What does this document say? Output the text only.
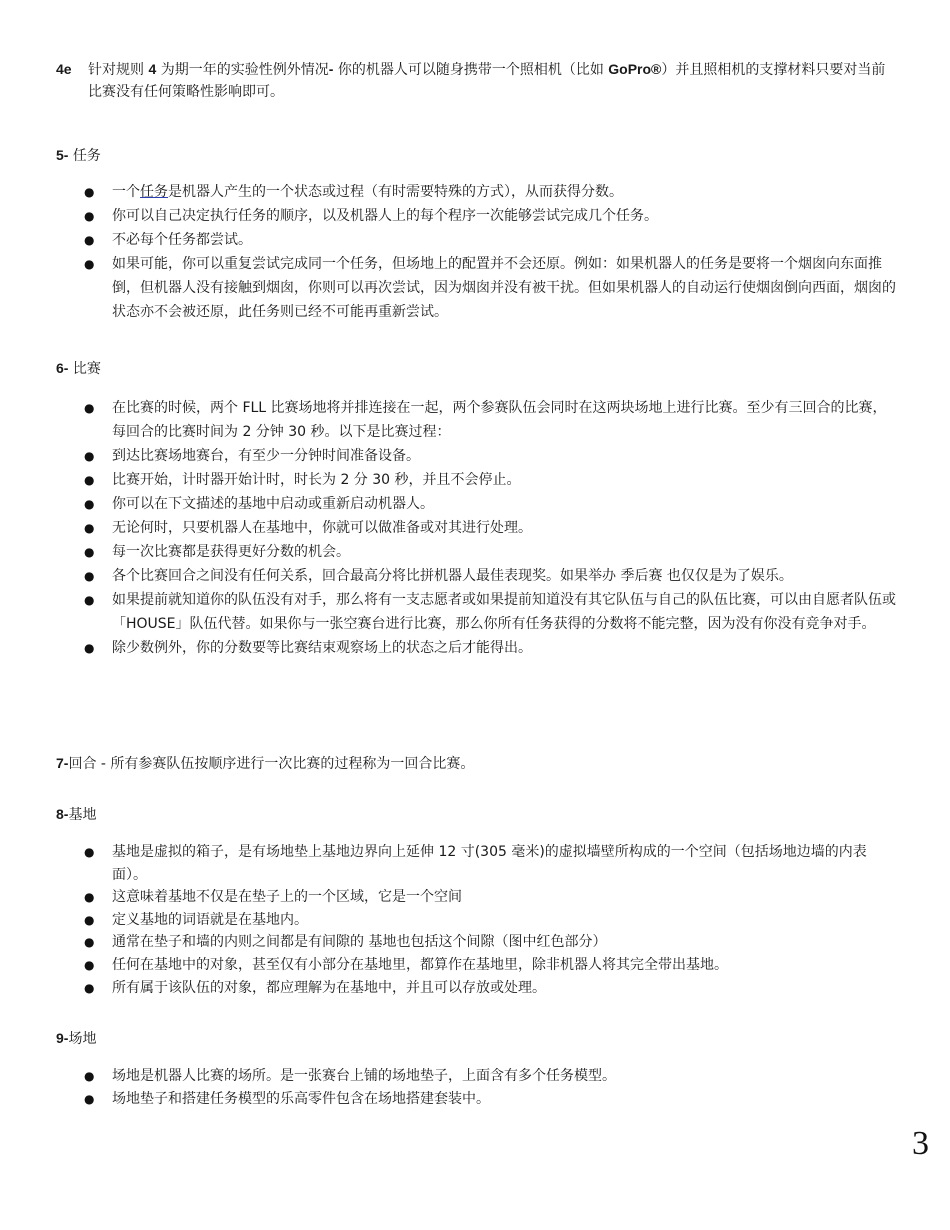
4e 针对规则 4 为期一年的实验性例外情况- 你的机器人可以随身携带一个照相机（比如 GoPro®）并且照相机的支撑材料只要对当前比赛没有任何策略性影响即可。
5- 任务
● 一个任务是机器人产生的一个状态或过程（有时需要特殊的方式），从而获得分数。
● 你可以自己决定执行任务的顺序，以及机器人上的每个程序一次能够尝试完成几个任务。
● 不必每个任务都尝试。
● 如果可能，你可以重复尝试完成同一个任务，但场地上的配置并不会还原。例如：如果机器人的任务是要将一个烟囱向东面推倒，但机器人没有接触到烟囱，你则可以再次尝试，因为烟囱并没有被干扰。但如果机器人的自动运行使烟囱倒向西面，烟囱的状态亦不会被还原，此任务则已经不可能再重新尝试。
6- 比赛
● 在比赛的时候，两个 FLL 比赛场地将并排连接在一起，两个参赛队伍会同时在这两块场地上进行比赛。至少有三回合的比赛，每回合的比赛时间为 2 分钟 30 秒。以下是比赛过程：
● 到达比赛场地赛台，有至少一分钟时间准备设备。
● 比赛开始，计时器开始计时，时长为 2 分 30 秒，并且不会停止。
● 你可以在下文描述的基地中启动或重新启动机器人。
● 无论何时，只要机器人在基地中，你就可以做准备或对其进行处理。
● 每一次比赛都是获得更好分数的机会。
● 各个比赛回合之间没有任何关系，回合最高分将比拼机器人最佳表现奖。如果举办 季后赛 也仅仅是为了娱乐。
● 如果提前就知道你的队伍没有对手，那么将有一支志愿者或如果提前知道没有其它队伍与自己的队伍比赛，可以由自愿者队伍或「HOUSE」队伍代替。如果你与一张空赛台进行比赛，那么你所有任务获得的分数将不能完整，因为没有你没有竞争对手。
● 除少数例外，你的分数要等比赛结束观察场上的状态之后才能得出。
7-回合 - 所有参赛队伍按顺序进行一次比赛的过程称为一回合比赛。
8-基地
● 基地是虚拟的箱子，是有场地垫上基地边界向上延伸 12 寸(305 毫米)的虚拟墙壁所构成的一个空间（包括场地边墙的内表面）。
● 这意味着基地不仅是在垫子上的一个区域，它是一个空间
● 定义基地的词语就是在基地内。
● 通常在垫子和墙的内则之间都是有间隙的 基地也包括这个间隙（图中红色部分）
● 任何在基地中的对象，甚至仅有小部分在基地里，都算作在基地里，除非机器人将其完全带出基地。
● 所有属于该队伍的对象，都应理解为在基地中，并且可以存放或处理。
9-场地
● 场地是机器人比赛的场所。是一张赛台上铺的场地垫子，上面含有多个任务模型。
● 场地垫子和搭建任务模型的乐高零件包含在场地搭建套装中。
3
